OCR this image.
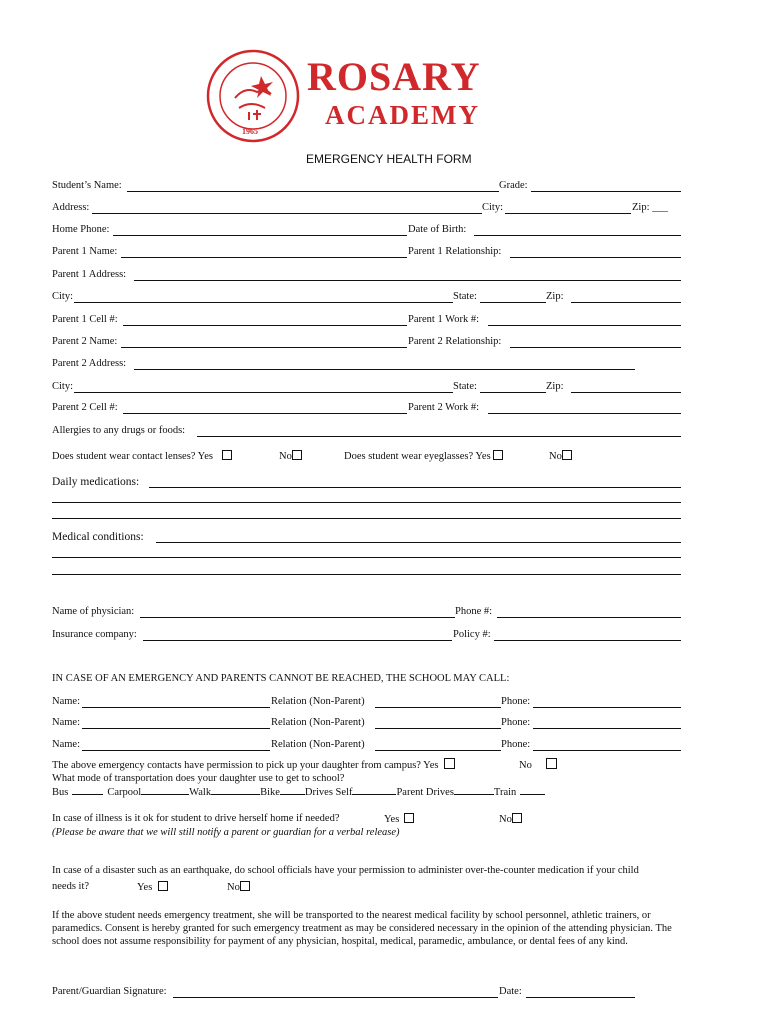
1965
ROSARY
ACADEMY
EMERGENCY HEALTH FORM
Student’s Name:	Grade:
Address:	City:	Zip: ___
Home Phone:	Date of Birth:
Parent 1 Name:	Parent 1 Relationship:
Parent 1 Address:
City:	State:	Zip:
Parent 1 Cell #:	Parent 1 Work #:
Parent 2 Name:	Parent 2 Relationship:
Parent 2 Address:
City:	State:	Zip:
Parent 2 Cell #:	Parent 2 Work #:
Allergies to any drugs or foods:
Does student wear contact lenses? Yes	No	Does student wear eyeglasses? Yes	No
Daily medications:
Medical conditions:
Name of physician:	Phone #:
Insurance company:	Policy #:
IN CASE OF AN EMERGENCY AND PARENTS CANNOT BE REACHED, THE SCHOOL MAY CALL:
Name:	Relation (Non-Parent)	Phone:
Name:	Relation (Non-Parent)	Phone:
Name:	Relation (Non-Parent)	Phone:
The above emergency contacts have permission to pick up your daughter from campus? Yes	No
What mode of transportation does your daughter use to get to school?
Bus	Carpool	Walk	Bike Drives Self	Parent Drives	Train
In case of illness is it ok for student to drive herself home if needed?	Yes	No
(Please be aware that we will still notify a parent or guardian for a verbal release)
In case of a disaster such as an earthquake, do school officials have your permission to administer over-the-counter medication if your child
needs it?	Yes	No
If the above student needs emergency treatment, she will be transported to the nearest medical facility by school personnel, athletic trainers, or paramedics. Consent is hereby granted for such emergency treatment as may be considered necessary in the opinion of the attending physician. The school does not assume responsibility for payment of any physician, hospital, medical, paramedic, ambulance, or dental fees of any kind.
Parent/Guardian Signature:	Date:
